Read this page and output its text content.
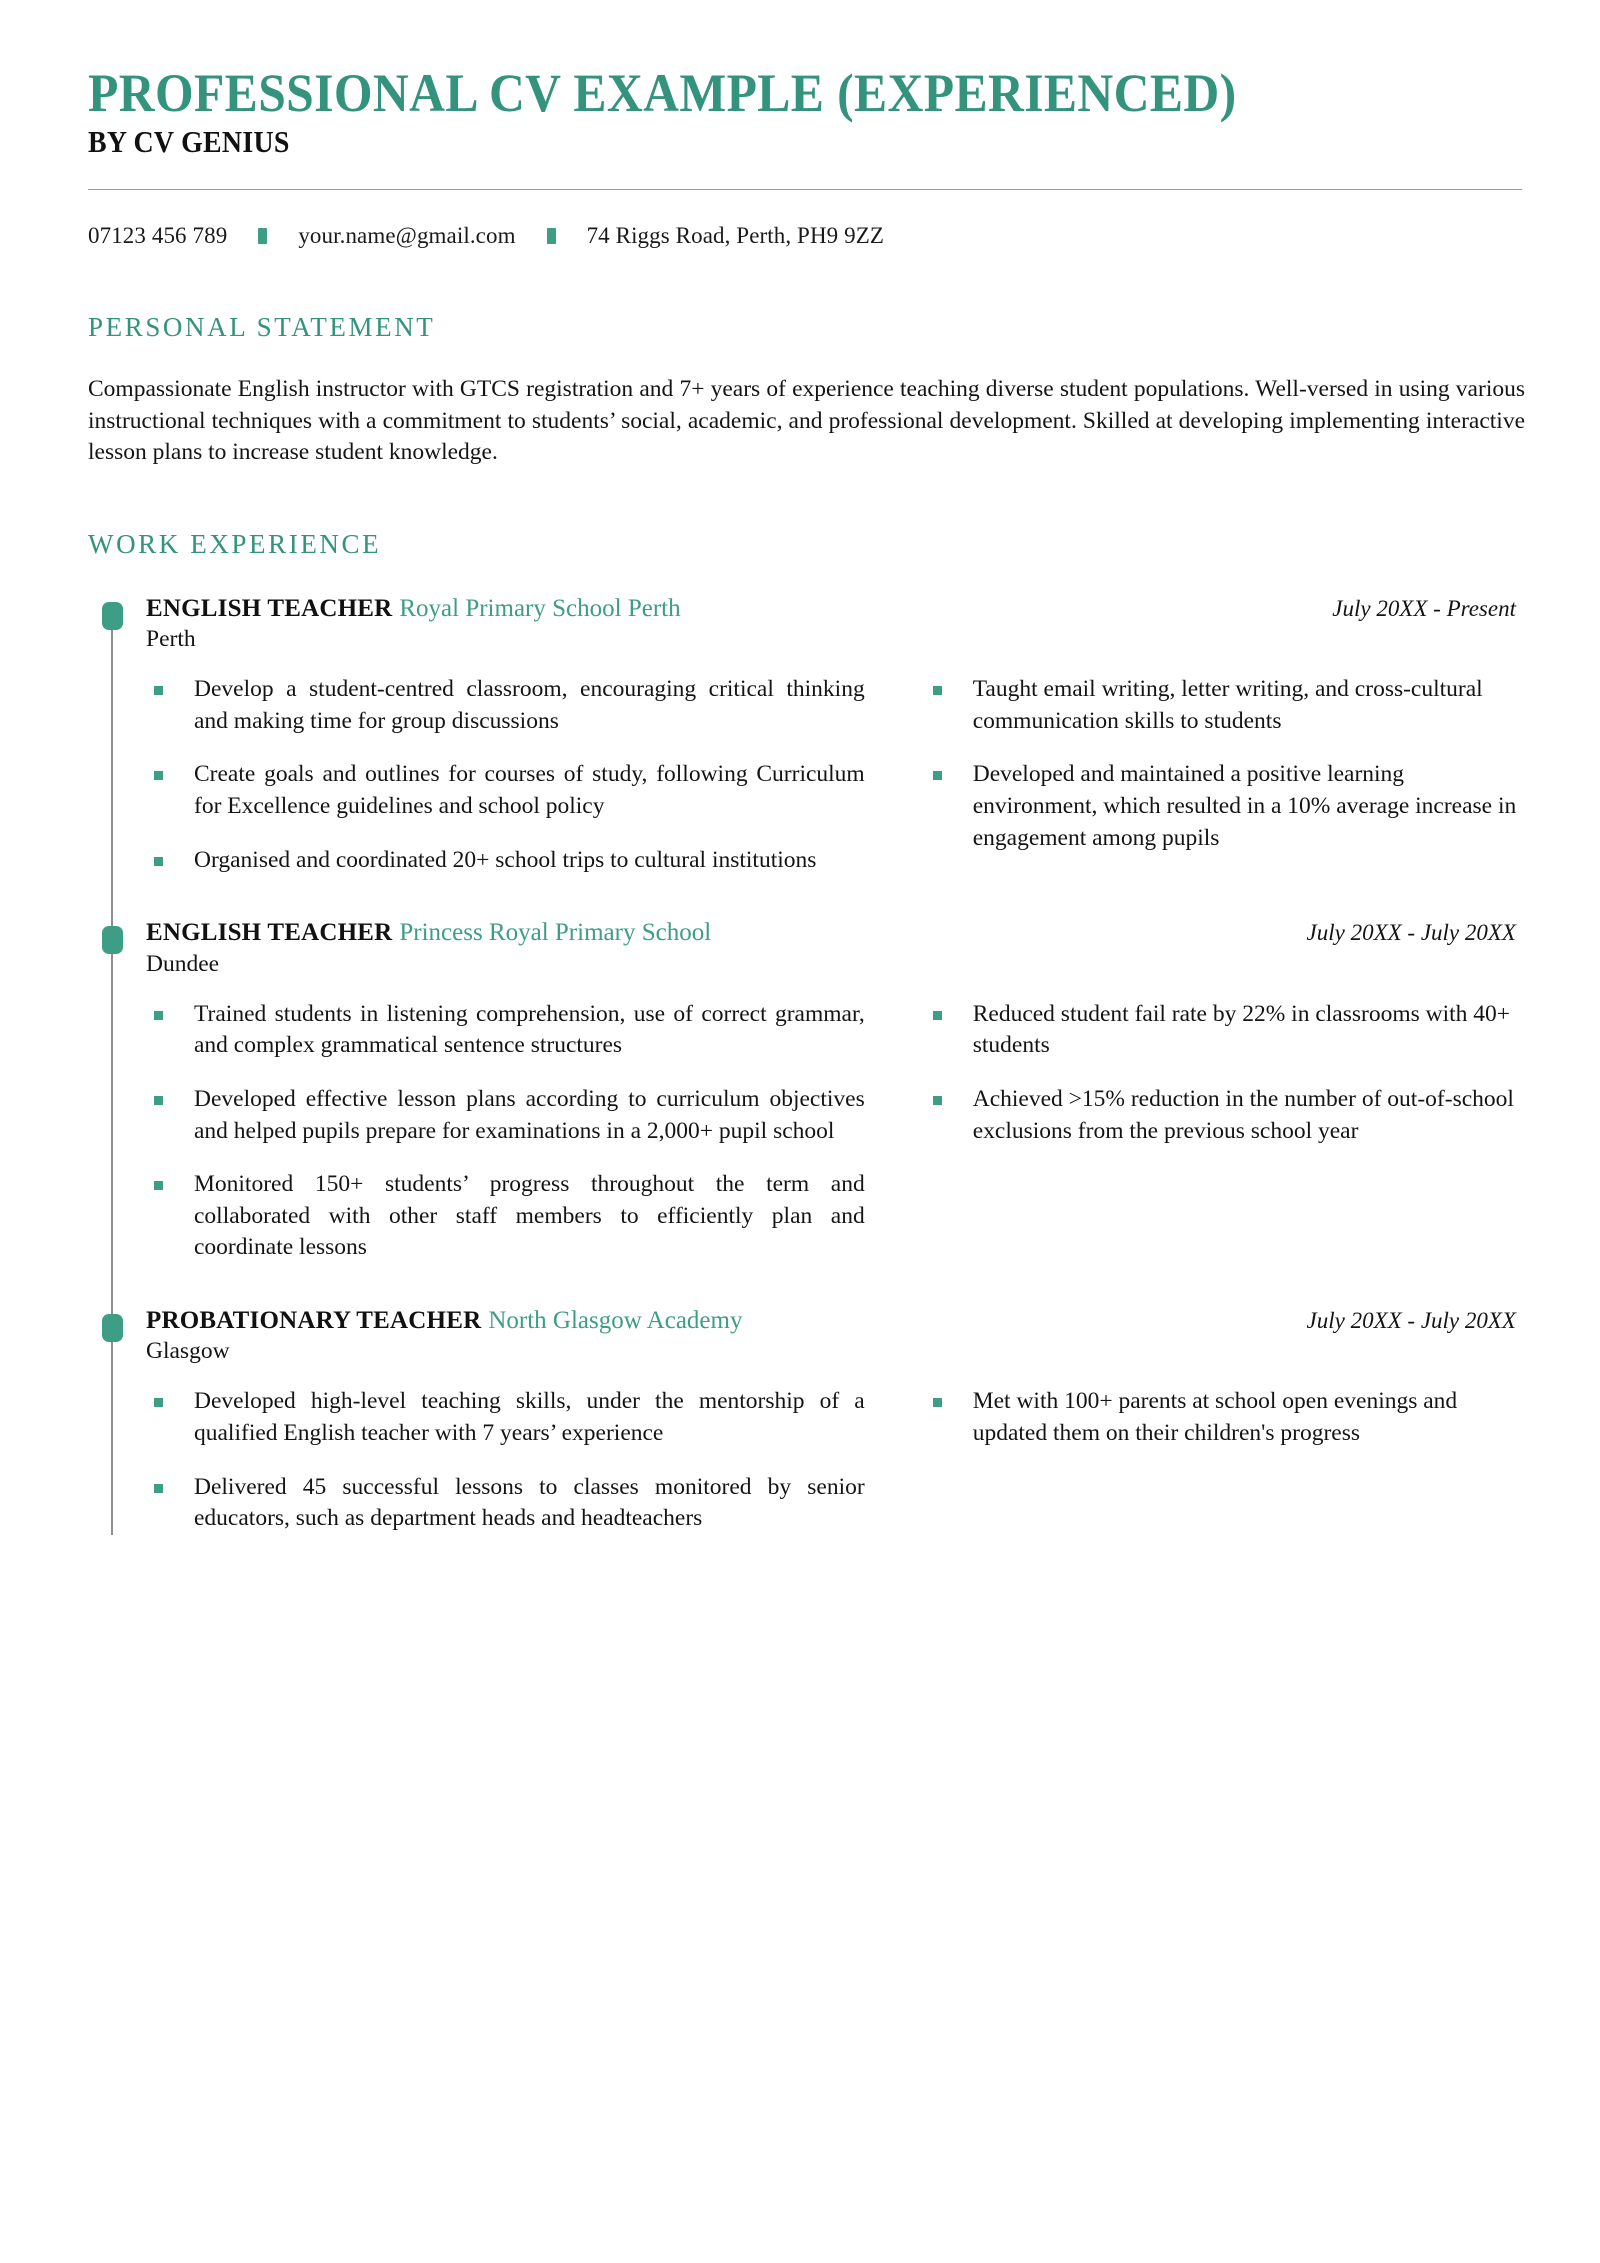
PROFESSIONAL CV EXAMPLE (EXPERIENCED)
BY CV GENIUS
07123 456 789	your.name@gmail.com	74 Riggs Road, Perth, PH9 9ZZ
PERSONAL STATEMENT

Compassionate English instructor with GTCS registration and 7+ years of experience teaching diverse student populations. Well-versed in using various instructional techniques with a commitment to students’ social, academic, and professional development. Skilled at developing implementing interactive lesson plans to increase student knowledge.

WORK EXPERIENCE
ENGLISH TEACHER Royal Primary School Perth	July 20XX - Present
Perth
Develop a student-centred classroom, encouraging critical thinking and making time for group discussions
Create goals and outlines for courses of study, following Curriculum for Excellence guidelines and school policy
Organised and coordinated 20+ school trips to cultural institutions
Taught email writing, letter writing, and cross-cultural communication skills to students
Developed and maintained a positive learning environment, which resulted in a 10% average increase in engagement among pupils
ENGLISH TEACHER Princess Royal Primary School	July 20XX - July 20XX
Dundee
Trained students in listening comprehension, use of correct grammar, and complex grammatical sentence structures
Developed effective lesson plans according to curriculum objectives and helped pupils prepare for examinations in a 2,000+ pupil school
Monitored 150+ students’ progress throughout the term and collaborated with other staff members to efficiently plan and coordinate lessons
Reduced student fail rate by 22% in classrooms with 40+ students
Achieved >15% reduction in the number of out-of-school exclusions from the previous school year
PROBATIONARY TEACHER North Glasgow Academy	July 20XX - July 20XX
Glasgow
Developed high-level teaching skills, under the mentorship of a qualified English teacher with 7 years’ experience
Delivered 45 successful lessons to classes monitored by senior educators, such as department heads and headteachers
Met with 100+ parents at school open evenings and updated them on their children's progress
